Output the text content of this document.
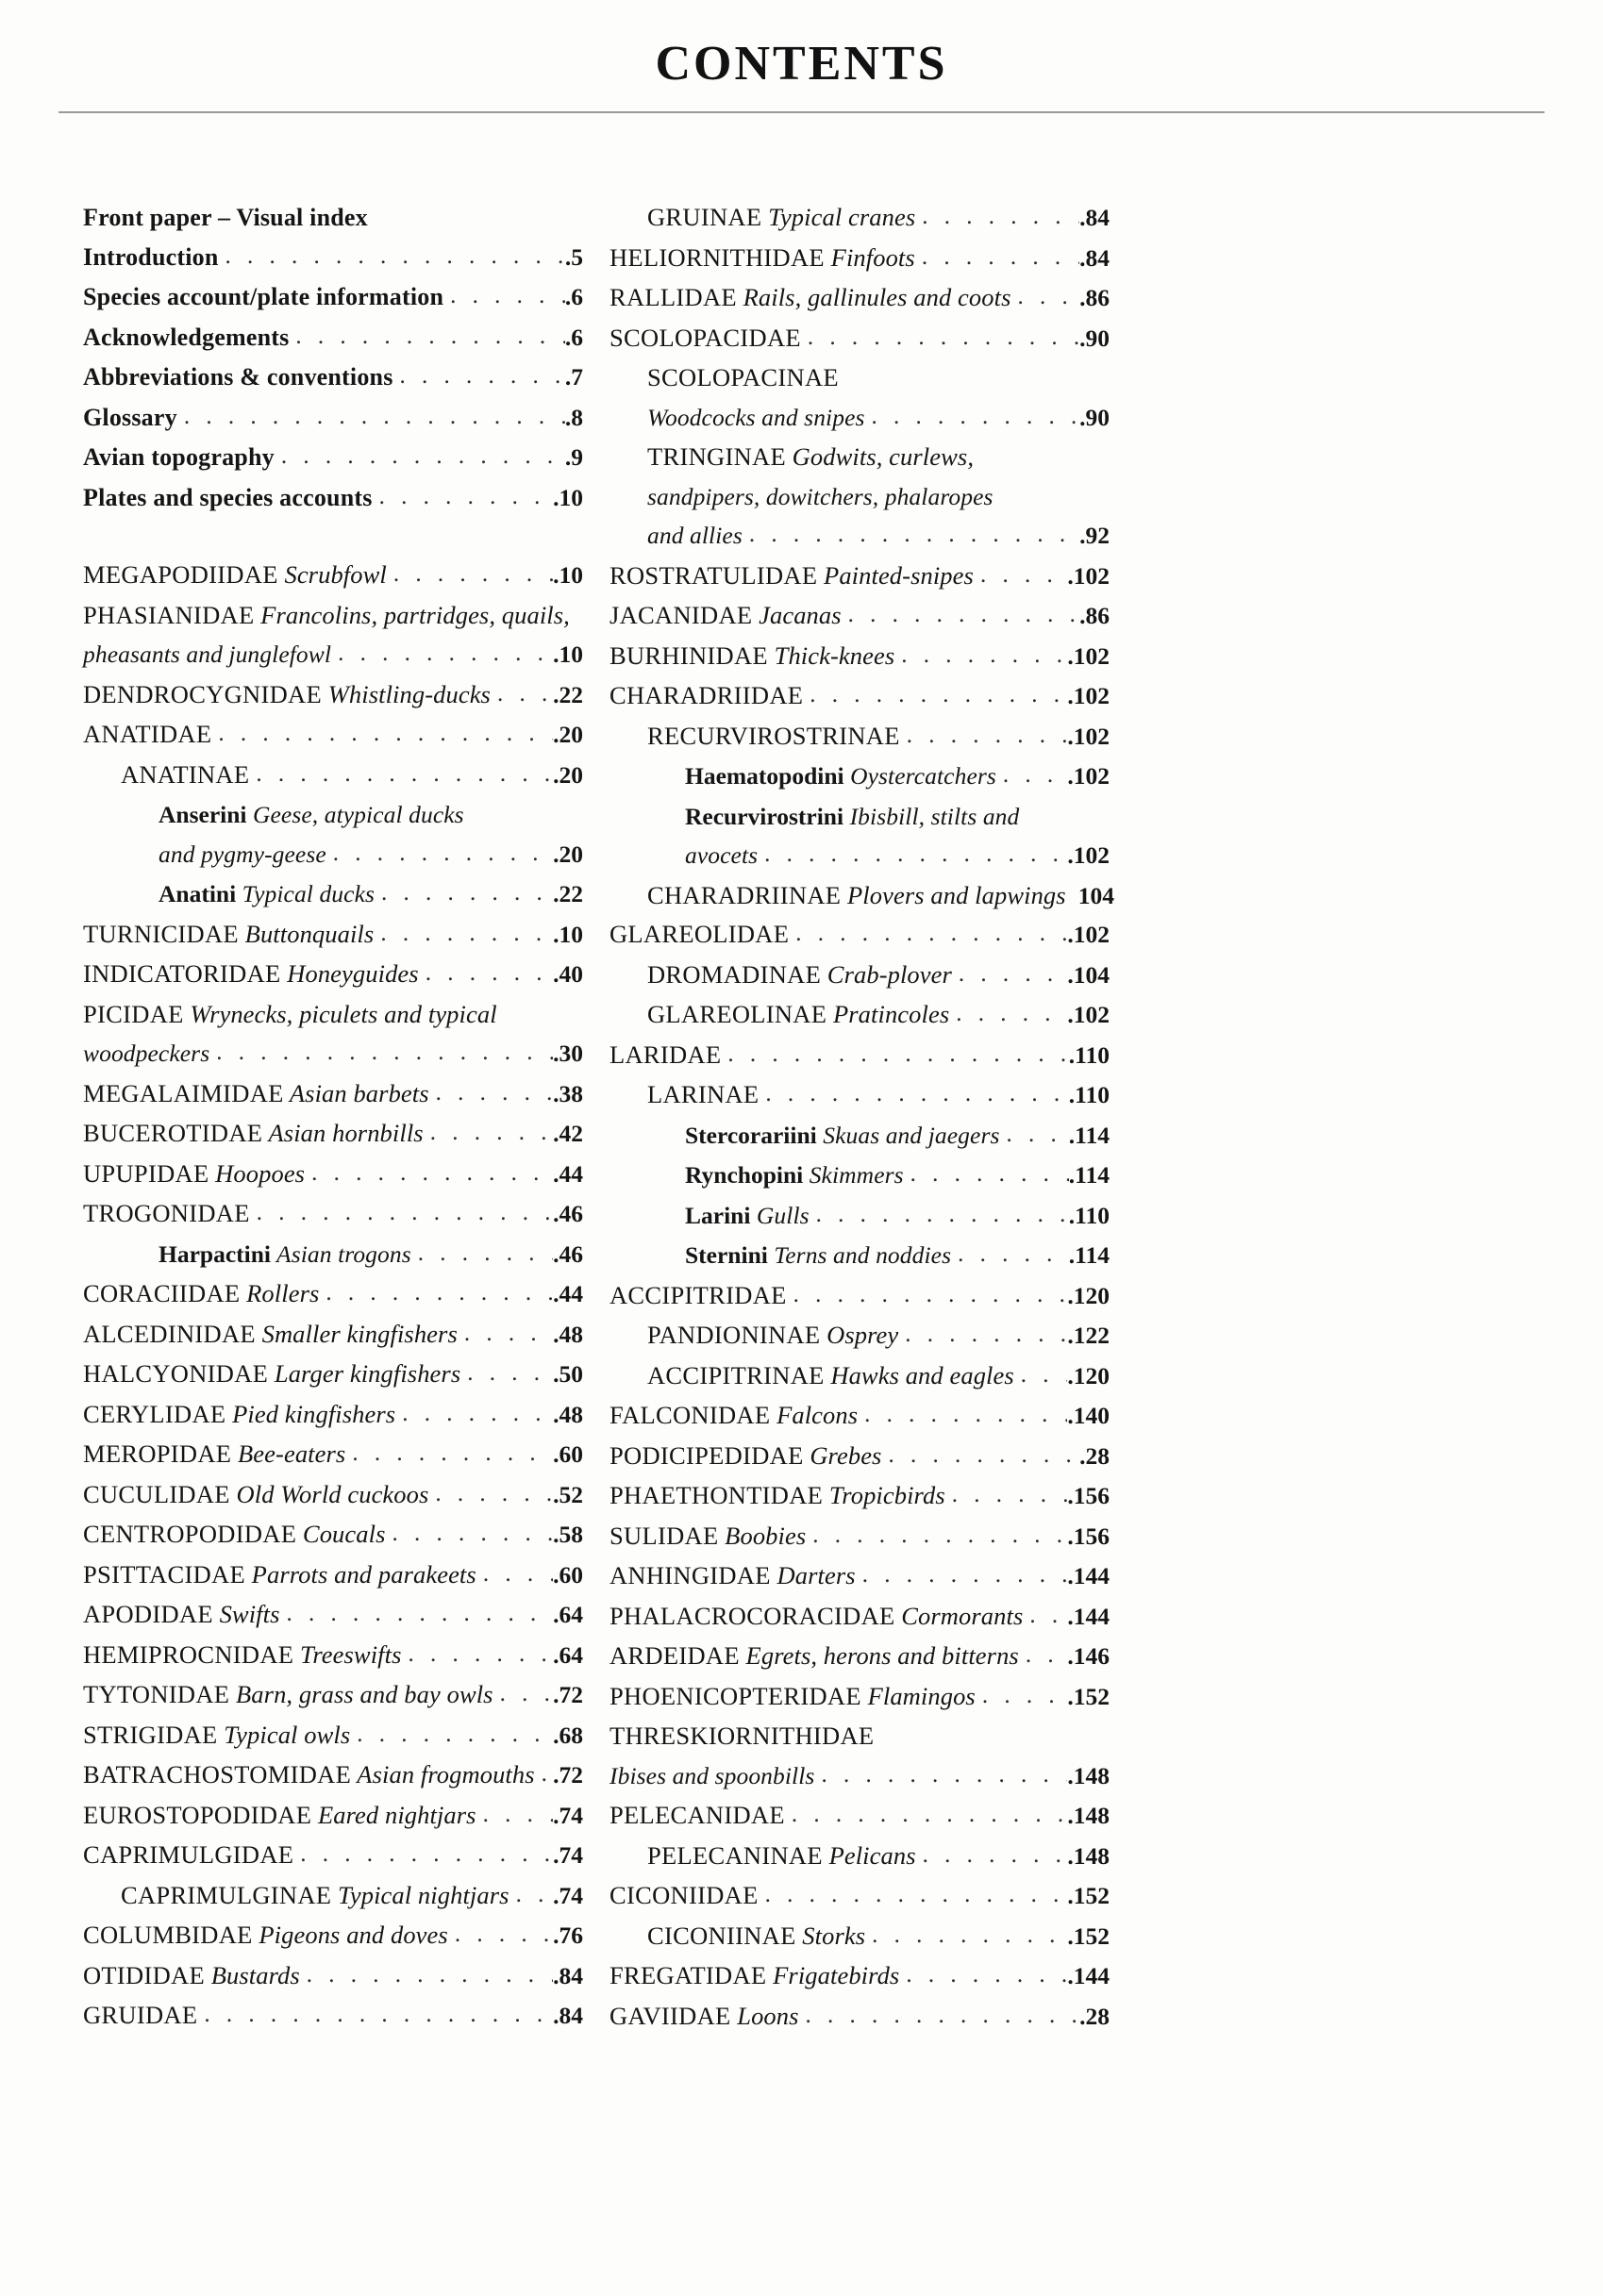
CONTENTS
Front paper – Visual index
Introduction . . .	.5
Species account/plate information . . .	.6
Acknowledgements . . .	.6
Abbreviations & conventions . . .	.7
Glossary . . .	.8
Avian topography . . .	.9
Plates and species accounts . . .	.10
MEGAPODIIDAE Scrubfowl . . .	.10
PHASIANIDAE Francolins, partridges, quails,
pheasants and junglefowl . . .	.10
DENDROCYGNIDAE Whistling-ducks . . .	.22
ANATIDAE . . .	.20
ANATINAE . . .	.20
Anserini Geese, atypical ducks
and pygmy-geese . . .	.20
Anatini Typical ducks . . .	.22
TURNICIDAE Buttonquails . . .	.10
INDICATORIDAE Honeyguides . . .	.40
PICIDAE Wrynecks, piculets and typical
woodpeckers . . .	.30
MEGALAIMIDAE Asian barbets . . .	.38
BUCEROTIDAE Asian hornbills . . .	.42
UPUPIDAE Hoopoes . . .	.44
TROGONIDAE . . .	.46
Harpactini Asian trogons . . .	.46
CORACIIDAE Rollers . . .	.44
ALCEDINIDAE Smaller kingfishers . . .	.48
HALCYONIDAE Larger kingfishers . . .	.50
CERYLIDAE Pied kingfishers . . .	.48
MEROPIDAE Bee-eaters . . .	.60
CUCULIDAE Old World cuckoos . . .	.52
CENTROPODIDAE Coucals . . .	.58
PSITTACIDAE Parrots and parakeets . . .	.60
APODIDAE Swifts . . .	.64
HEMIPROCNIDAE Treeswifts . . .	.64
TYTONIDAE Barn, grass and bay owls . . . .72
STRIGIDAE Typical owls . . .	.68
BATRACHOSTOMIDAE Asian frogmouths . . . .72
EUROSTOPODIDAE Eared nightjars . . .	.74
CAPRIMULGIDAE . . .	.74
CAPRIMULGINAE Typical nightjars . . . .74
COLUMBIDAE Pigeons and doves . . .	.76
OTIDIDAE Bustards . . .	.84
GRUIDAE . . .	.84
GRUINAE Typical cranes . . .	.84
HELIORNITHIDAE Finfoots . . .	.84
RALLIDAE Rails, gallinules and coots . . .	.86
SCOLOPACIDAE . . .	.90
SCOLOPACINAE
Woodcocks and snipes . . .	.90
TRINGINAE Godwits, curlews,
sandpipers, dowitchers, phalaropes
and allies . . .	.92
ROSTRATULIDAE Painted-snipes . . .	.102
JACANIDAE Jacanas . . .	.86
BURHINIDAE Thick-knees . . .	.102
CHARADRIIDAE . . .	.102
RECURVIROSTRINAE . . .	.102
Haematopodini Oystercatchers . . .	.102
Recurvirostrini Ibisbill, stilts and
avocets . . .	.102
CHARADRIINAE Plovers and lapwings 104
GLAREOLIDAE . . .	.102
DROMADINAE Crab-plover . . .	.104
GLAREOLINAE Pratincoles . . .	.102
LARIDAE . . .	.110
LARINAE . . .	.110
Stercorariini Skuas and jaegers . . .	.114
Rynchopini Skimmers . . .	.114
Larini Gulls . . .	.110
Sternini Terns and noddies . . .	.114
ACCIPITRIDAE . . .	.120
PANDIONINAE Osprey . . .	.122
ACCIPITRINAE Hawks and eagles . . . .120
FALCONIDAE Falcons . . .	.140
PODICIPEDIDAE Grebes . . .	.28
PHAETHONTIDAE Tropicbirds . . .	.156
SULIDAE Boobies . . .	.156
ANHINGIDAE Darters . . .	.144
PHALACROCORACIDAE Cormorants . . . .144
ARDEIDAE Egrets, herons and bitterns . . . .146
PHOENICOPTERIDAE Flamingos . . .	.152
THRESKIORNITHIDAE
Ibises and spoonbills . . .	.148
PELECANIDAE . . .	.148
PELECANINAE Pelicans . . .	.148
CICONIIDAE . . .	.152
CICONIINAE Storks . . .	.152
FREGATIDAE Frigatebirds . . .	.144
GAVIIDAE Loons . . .	.28
